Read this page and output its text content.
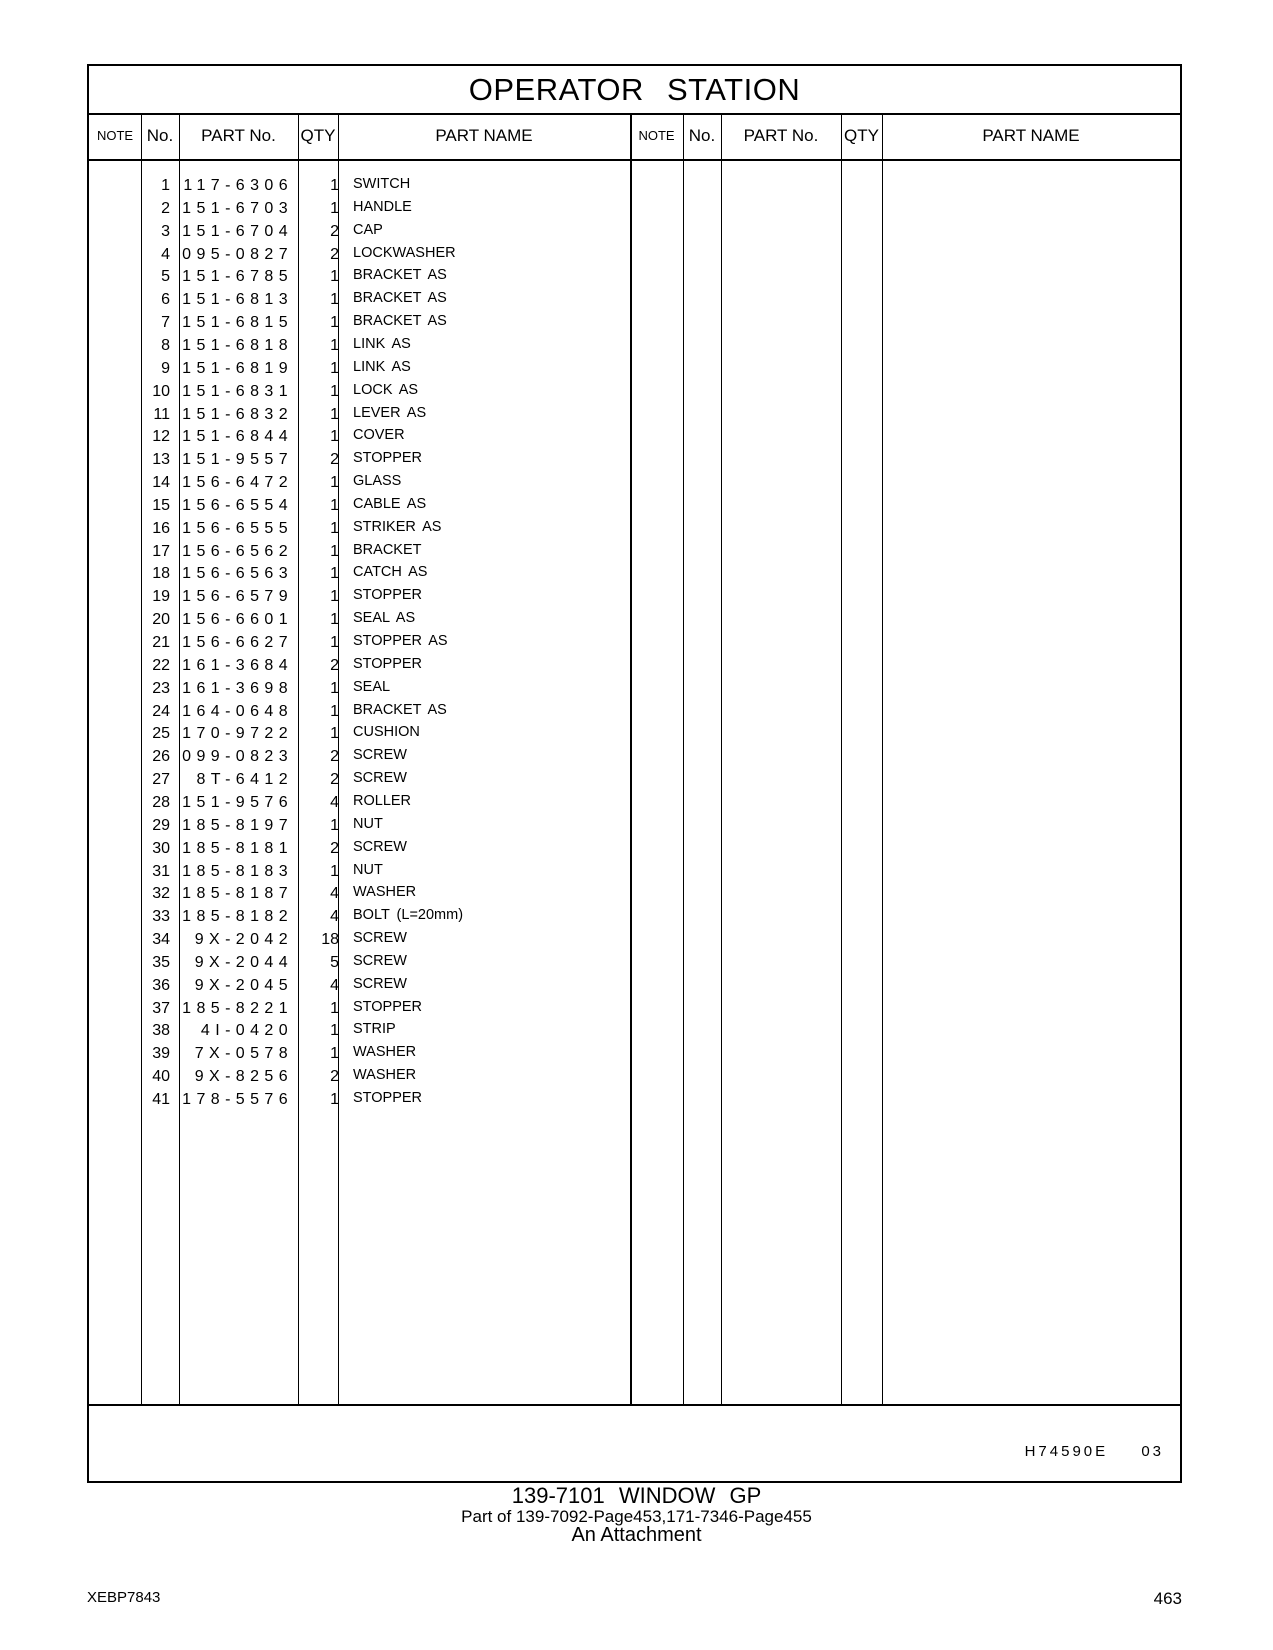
OPERATOR STATION
NOTE No.	PART No.	QTY	PART NAME	NOTE No.	PART No.	QTY	PART NAME
1 117-6306	1 SWITCH
2 151-6703	1 HANDLE
3 151-6704	2 CAP
4 095-0827	2 LOCKWASHER
5 151-6785	1 BRACKET AS
6 151-6813	1 BRACKET AS
7 151-6815	1 BRACKET AS
8 151-6818	1 LINK AS
9 151-6819	1 LINK AS
10 151-6831	1 LOCK AS
11 151-6832	1 LEVER AS
12 151-6844	1 COVER
13 151-9557	2 STOPPER
14 156-6472	1 GLASS
15 156-6554	1 CABLE AS
16 156-6555	1 STRIKER AS
17 156-6562	1 BRACKET
18 156-6563	1 CATCH AS
19 156-6579	1 STOPPER
20 156-6601	1 SEAL AS
21 156-6627	1 STOPPER AS
22 161-3684	2 STOPPER
23 161-3698	1 SEAL
24 164-0648	1 BRACKET AS
25 170-9722	1 CUSHION
26 099-0823	2 SCREW
27	8T-6412	2 SCREW
28 151-9576	4 ROLLER
29 185-8197	1 NUT
30 185-8181	2 SCREW
31 185-8183	1 NUT
32 185-8187	4 WASHER
33 185-8182	4 BOLT (L=20mm)
34	9X-2042	18 SCREW
35	9X-2044	5 SCREW
36	9X-2045	4 SCREW
37 185-8221	1 STOPPER
38	4I-0420	1 STRIP
39	7X-0578	1 WASHER
40	9X-8256	2 WASHER
41 178-5576	1 STOPPER
H74590E 03
139-7101 WINDOW GP
Part of 139-7092-Page453,171-7346-Page455
An Attachment
XEBP7843	463
